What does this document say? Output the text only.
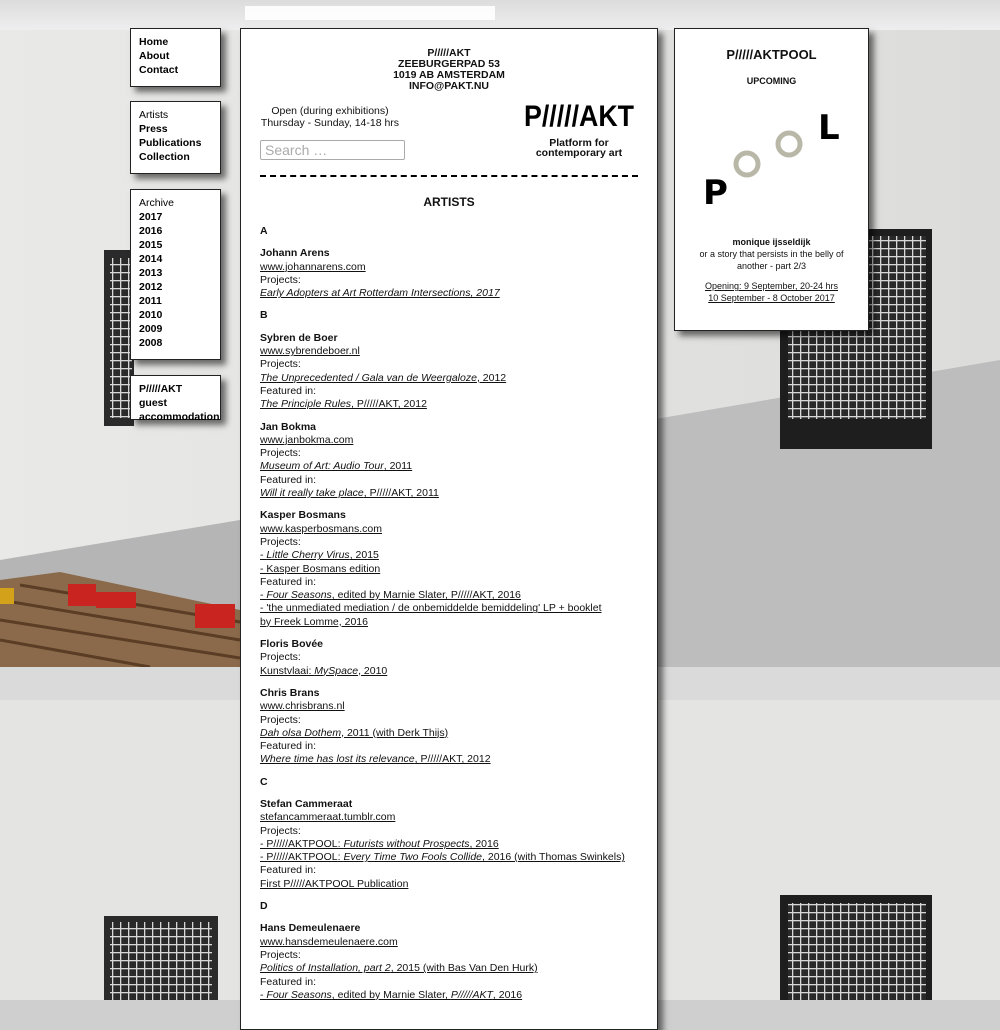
Home
About
Contact
Artists
Press
Publications
Collection
Archive
2017
2016
2015
2014
2013
2012
2011
2010
2009
2008
P/////AKT guest
accommodation
P/////AKT
ZEEBURGERPAD 53
1019 AB AMSTERDAM
INFO@PAKT.NU
Open (during exhibitions)
Thursday - Sunday, 14-18 hrs	P/////AKT
Platform for
contemporary art
Search …
ARTISTS
A
Johann Arens
www.johannarens.com
Projects:
Early Adopters at Art Rotterdam Intersections, 2017
B
Sybren de Boer
www.sybrendeboer.nl
Projects:
The Unprecedented / Gala van de Weergaloze, 2012
Featured in:
The Principle Rules, P/////AKT, 2012
Jan Bokma
www.janbokma.com
Projects:
Museum of Art: Audio Tour, 2011
Featured in:
Will it really take place, P/////AKT, 2011
Kasper Bosmans
www.kasperbosmans.com
Projects:
- Little Cherry Virus, 2015
- Kasper Bosmans edition
Featured in:
- Four Seasons, edited by Marnie Slater, P/////AKT, 2016
- 'the unmediated mediation / de onbemiddelde bemiddeling' LP + booklet
by Freek Lomme, 2016
Floris Bovée
Projects:
Kunstvlaai: MySpace, 2010
Chris Brans
www.chrisbrans.nl
Projects:
Dah olsa Dothem, 2011 (with Derk Thijs)
Featured in:
Where time has lost its relevance, P/////AKT, 2012
C
Stefan Cammeraat
stefancammeraat.tumblr.com
Projects:
- P/////AKTPOOL: Futurists without Prospects, 2016
- P/////AKTPOOL: Every Time Two Fools Collide, 2016 (with Thomas Swinkels)
Featured in:
First P/////AKTPOOL Publication
D
Hans Demeulenaere
www.hansdemeulenaere.com
Projects:
Politics of Installation, part 2, 2015 (with Bas Van Den Hurk)
Featured in:
- Four Seasons, edited by Marnie Slater, P/////AKT, 2016
P/////AKTPOOL
UPCOMING
P
L
monique ijsseldijk
or a story that persists in the belly of
another - part 2/3
Opening: 9 September, 20-24 hrs
10 September - 8 October 2017
